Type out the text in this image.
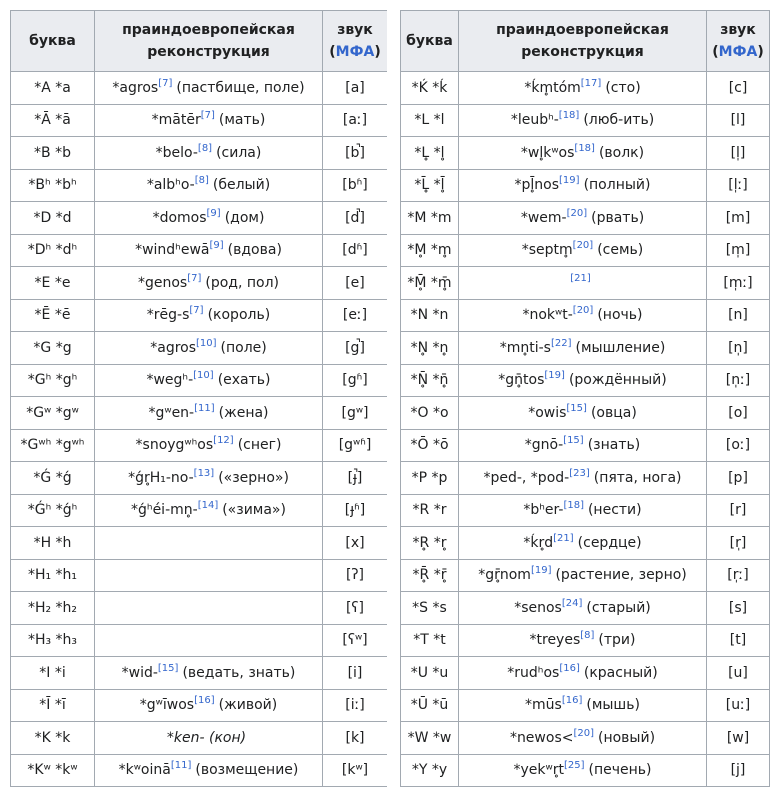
буква	праиндоевропейская реконструкция	звук
(МФА)

*A *a	*agros[7] (пастбище, поле)	[a]
*Ā *ā	*mātēr[7] (мать)	[aː]
*B *b	*belo-[8] (сила)	[b̚]
*Bʰ *bʰ	*albʰo-[8] (белый)	[bʱ]
*D *d	*domos[9] (дом)	[d̚]
*Dʰ *dʰ	*windʰewā[9] (вдова)	[dʱ]
*E *e	*genos[7] (род, пол)	[e]
*Ē *ē	*rēg-s[7] (король)	[eː]
*G *g	*agros[10] (поле)	[g̚]
*Gʰ *gʰ	*wegʰ-[10] (ехать)	[gʱ]
*Gʷ *gʷ	*gʷen-[11] (жена)	[gʷ]
*Gʷʰ *gʷʰ	*snoygʷʰos[12] (снег)	[gʷʱ]
*Ǵ *ǵ	*ǵr̥H₁-no-[13] («зерно»)	[ɟ̚]
*Ǵʰ *ǵʰ	*ǵʰéi-mn̥-[14] («зима»)	[ɟʱ]
*H *h		[x]
*H₁ *h₁		[ʔ]
*H₂ *h₂		[ʕ]
*H₃ *h₃		[ʕʷ]
*I *i	*wid-[15] (ведать, знать)	[i]
*Ī *ī	*gʷīwos[16] (живой)	[iː]
*K *k	*ken- (кон)	[k]
*Kʷ *kʷ	*kʷoinā[11] (возмещение)	[kʷ]
буква	праиндоевропейская реконструкция	звук
(МФА)

*Ḱ *ḱ	*ḱm̥tóm[17] (сто)	[c]
*L *l	*leubʰ-[18] (люб-ить)	[l]
*L̥ *l̥	*wl̥kʷos[18] (волк)	[l̩]
*L̥̄ *l̥̄	*pl̥̄nos[19] (полный)	[l̩ː]
*M *m	*wem-[20] (рвать)	[m]
*M̥ *m̥	*septm̥[20] (семь)	[m̩]
*M̥̄ *m̥̄	[21]	[m̩ː]
*N *n	*nokʷt-[20] (ночь)	[n]
*N̥ *n̥	*mn̥ti-s[22] (мышление)	[n̩]
*N̥̄ *n̥̄	*gn̥̄tos[19] (рождённый)	[n̩ː]
*O *o	*owis[15] (овца)	[o]
*Ō *ō	*gnō-[15] (знать)	[oː]
*P *p	*ped-, *pod-[23] (пята, нога)	[p]
*R *r	*bʰer-[18] (нести)	[r]
*R̥ *r̥	*ḱr̥d[21] (сердце)	[r̩]
*R̥̄ *r̥̄	*gr̥̄nom[19] (растение, зерно)	[r̩ː]
*S *s	*senos[24] (старый)	[s]
*T *t	*treyes[8] (три)	[t]
*U *u	*rudʰos[16] (красный)	[u]
*Ū *ū	*mūs[16] (мышь)	[uː]
*W *w	*newos<[20] (новый)	[w]
*Y *y	*yekʷr̥t[25] (печень)	[j]
